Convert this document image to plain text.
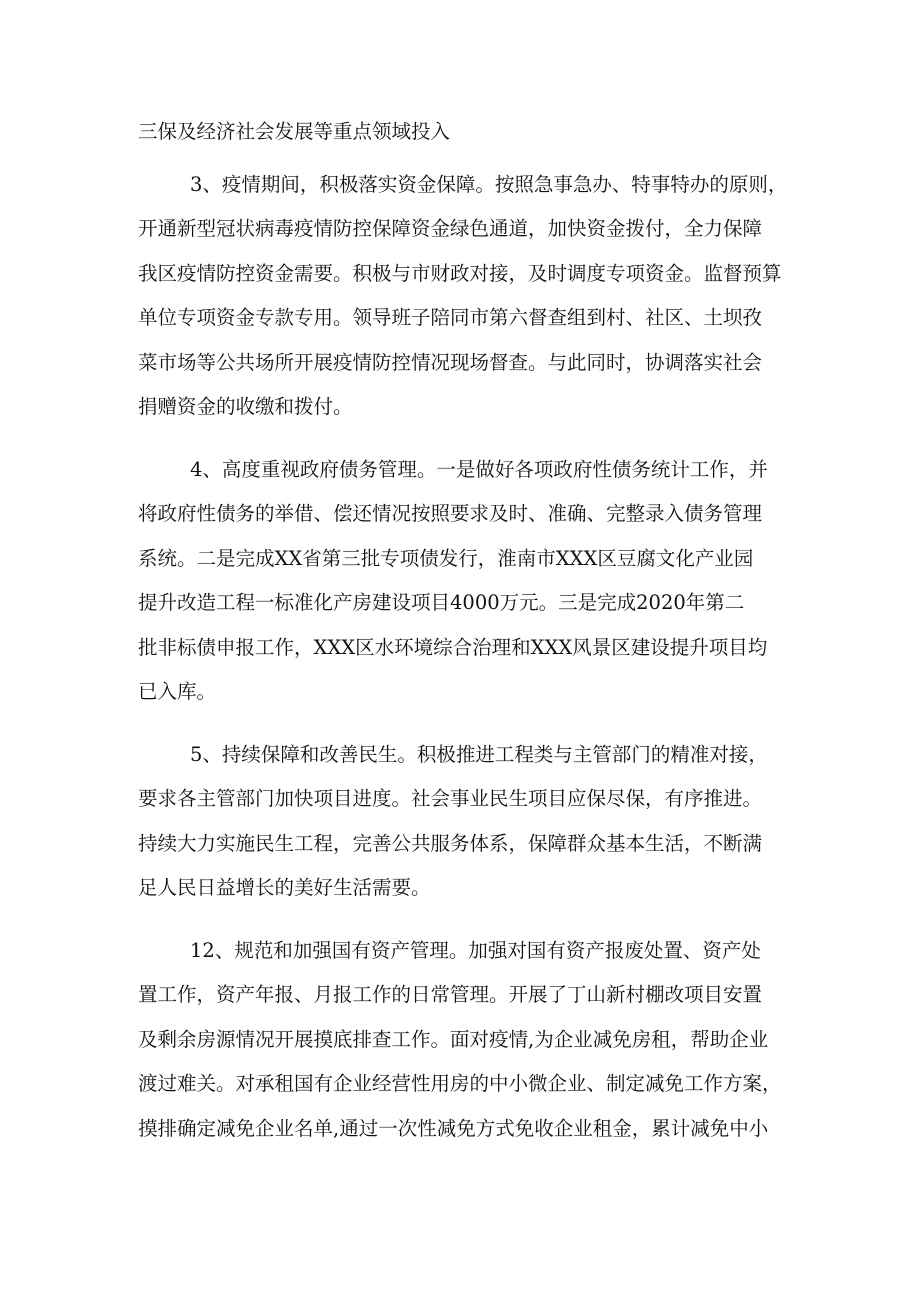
三保及经济社会发展等重点领域投入
3、疫情期间，积极落实资金保障。按照急事急办、特事特办的原则，
开通新型冠状病毒疫情防控保障资金绿色通道，加快资金拨付，全力保障
我区疫情防控资金需要。积极与市财政对接，及时调度专项资金。监督预算
单位专项资金专款专用。领导班子陪同市第六督查组到村、社区、土坝孜
菜市场等公共场所开展疫情防控情况现场督查。与此同时，协调落实社会
捐赠资金的收缴和拨付。
4、高度重视政府债务管理。一是做好各项政府性债务统计工作，并
将政府性债务的举借、偿还情况按照要求及时、准确、完整录入债务管理
系统。二是完成XX省第三批专项债发行，淮南市XXX区豆腐文化产业园
提升改造工程一标准化产房建设项目4000万元。三是完成2020年第二
批非标债申报工作，XXX区水环境综合治理和XXX风景区建设提升项目均
已入库。
5、持续保障和改善民生。积极推进工程类与主管部门的精准对接，
要求各主管部门加快项目进度。社会事业民生项目应保尽保，有序推进。
持续大力实施民生工程，完善公共服务体系，保障群众基本生活，不断满
足人民日益增长的美好生活需要。
12、规范和加强国有资产管理。加强对国有资产报废处置、资产处
置工作，资产年报、月报工作的日常管理。开展了丁山新村棚改项目安置
及剩余房源情况开展摸底排查工作。面对疫情,为企业减免房租，帮助企业
渡过难关。对承租国有企业经营性用房的中小微企业、制定减免工作方案，
摸排确定减免企业名单,通过一次性减免方式免收企业租金，累计减免中小
